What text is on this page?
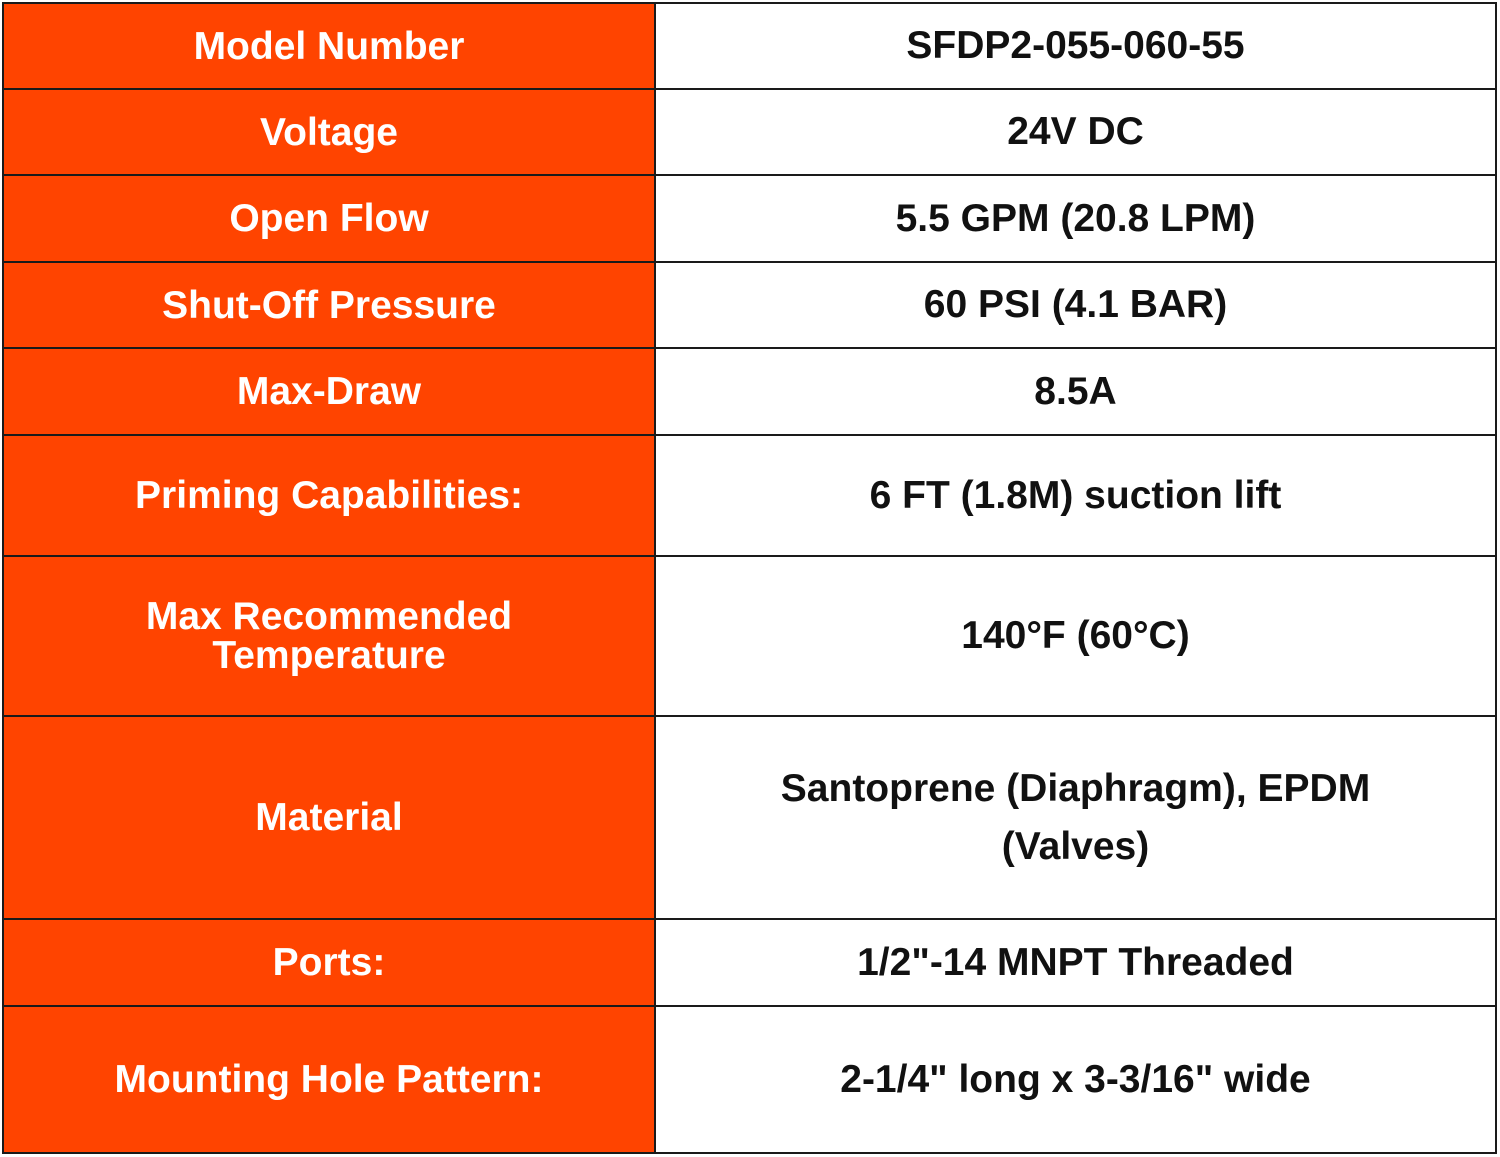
Model Number	SFDP2-055-060-55
Voltage	24V DC
Open Flow	5.5 GPM (20.8 LPM)
Shut-Off Pressure	60 PSI (4.1 BAR)
Max-Draw	8.5A
Priming Capabilities:	6 FT (1.8M) suction lift
Max Recommended Temperature	140°F (60°C)
Material	Santoprene (Diaphragm), EPDM (Valves)
Ports:	1/2"-14 MNPT Threaded
Mounting Hole Pattern:	2-1/4" long x 3-3/16" wide
